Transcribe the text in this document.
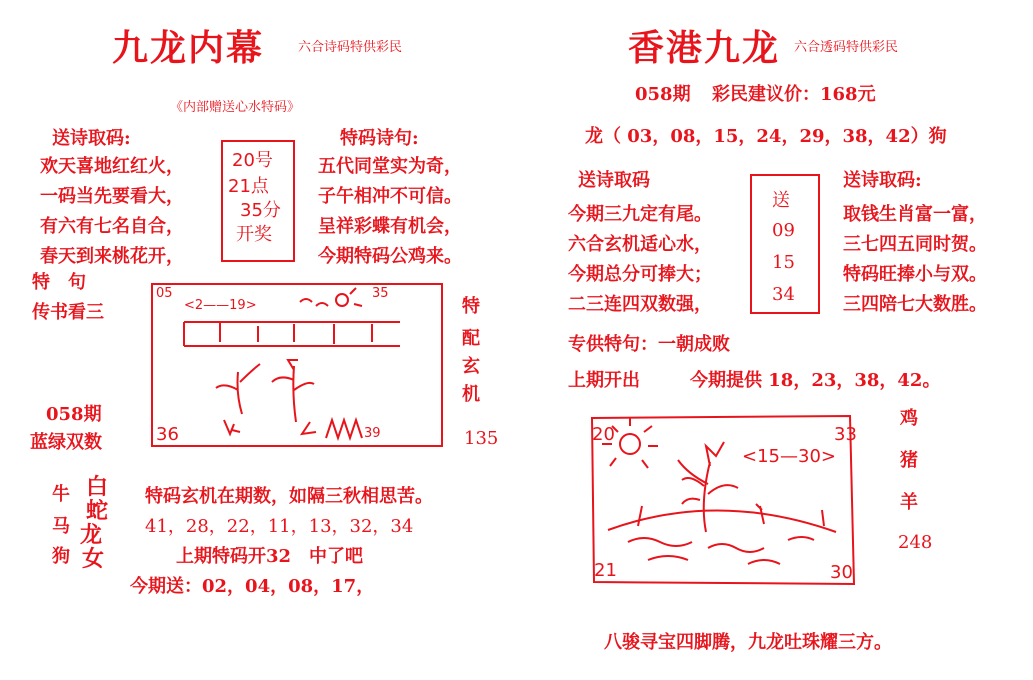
九龙内幕	六合诗码特供彩民
《内部赠送心水特码》
送诗取码:
欢天喜地红红火，
一码当先要看大，
有六有七名自合，
春天到来桃花开，
20号
21点
35分
开奖
特码诗句:
五代同堂实为奇，
子午相冲不可信。
呈祥彩蝶有机会，
今期特码公鸡来。
特　句
传书看三
05	35
36	39
<2——19>	特
配
玄
机
058期
蓝绿双数	135
牛
马
狗
白
蛇
龙
女
特码玄机在期数，如隔三秋相思苦。
41，28，22，11，13，32，34
上期特码开32　中了吧
今期送：02，04，08，17，
香港九龙 六合透码特供彩民
058期 彩民建议价：168元
龙（ 03，08，15，24，29，38，42）狗
送诗取码
今期三九定有尾。
六合玄机适心水，
今期总分可捧大；
二三连四双数强，
送
09
15
34
送诗取码:
取钱生肖富一富，
三七四五同时贺。
特码旺捧小与双。
三四陪七大数胜。
专供特句：一朝成败
上期开出	今期提供 18，23，38，42。
20	33
21	30
<15—30>
鸡
猪
羊
248
八骏寻宝四脚腾，九龙吐珠耀三方。
